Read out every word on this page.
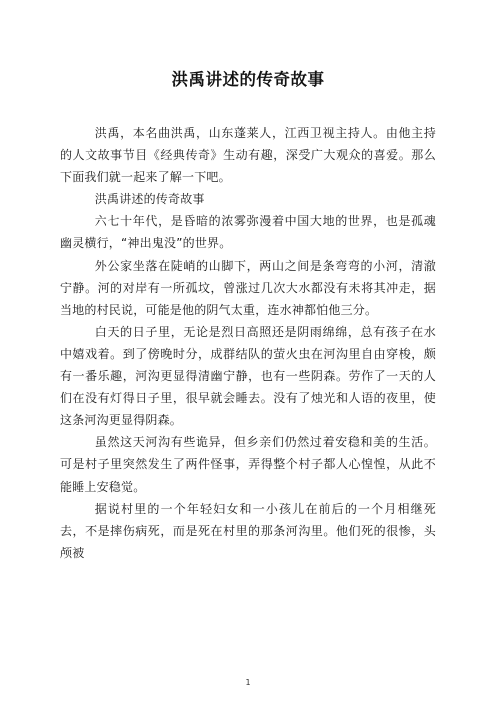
洪禹讲述的传奇故事

洪禹，本名曲洪禹，山东蓬莱人，江西卫视主持人。由他主持的人文故事节目《经典传奇》生动有趣，深受广大观众的喜爱。那么下面我们就一起来了解一下吧。

洪禹讲述的传奇故事

六七十年代，是昏暗的浓雾弥漫着中国大地的世界，也是孤魂幽灵横行，“神出鬼没”的世界。

外公家坐落在陡峭的山脚下，两山之间是条弯弯的小河，清澈宁静。河的对岸有一所孤坟，曾涨过几次大水都没有未将其冲走，据当地的村民说，可能是他的阴气太重，连水神都怕他三分。

白天的日子里，无论是烈日高照还是阴雨绵绵，总有孩子在水中嬉戏着。到了傍晚时分，成群结队的萤火虫在河沟里自由穿梭，颇有一番乐趣，河沟更显得清幽宁静，也有一些阴森。劳作了一天的人们在没有灯得日子里，很早就会睡去。没有了烛光和人语的夜里，使这条河沟更显得阴森。

虽然这天河沟有些诡异，但乡亲们仍然过着安稳和美的生活。可是村子里突然发生了两件怪事，弄得整个村子都人心惶惶，从此不能睡上安稳觉。

据说村里的一个年轻妇女和一小孩儿在前后的一个月相继死去，不是摔伤病死，而是死在村里的那条河沟里。他们死的很惨，头颅被

1
